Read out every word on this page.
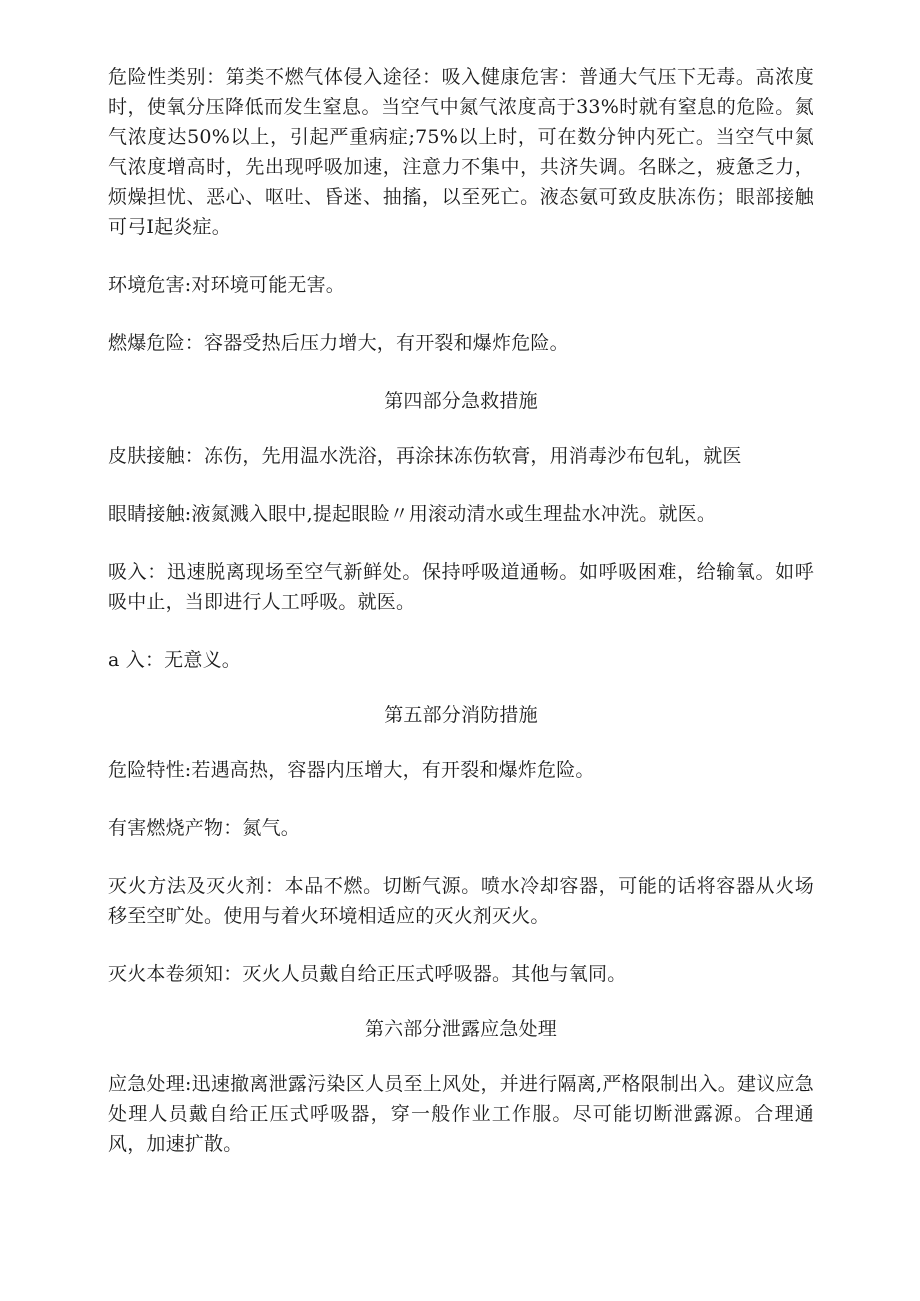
危险性类别：第类不燃气体侵入途径：吸入健康危害：普通大气压下无毒。高浓度时，使氧分压降低而发生窒息。当空气中氮气浓度高于33%时就有窒息的危险。氮气浓度达50%以上，引起严重病症;75%以上时，可在数分钟内死亡。当空气中氮气浓度增高时，先出现呼吸加速，注意力不集中，共济失调。名眯之，疲惫乏力，烦燥担忧、恶心、呕吐、昏迷、抽搐，以至死亡。液态氨可致皮肤冻伤；眼部接触可弓I起炎症。

环境危害:对环境可能无害。

燃爆危险：容器受热后压力增大，有开裂和爆炸危险。

第四部分急救措施

皮肤接触：冻伤，先用温水洗浴，再涂抹冻伤软膏，用消毒沙布包轧，就医

眼睛接触:液氮溅入眼中,提起眼睑〃用滚动清水或生理盐水冲洗。就医。

吸入：迅速脱离现场至空气新鲜处。保持呼吸道通畅。如呼吸困难，给输氧。如呼吸中止，当即进行人工呼吸。就医。

a 入：无意义。

第五部分消防措施

危险特性:若遇高热，容器内压增大，有开裂和爆炸危险。

有害燃烧产物：氮气。

灭火方法及灭火剂：本品不燃。切断气源。喷水冷却容器，可能的话将容器从火场移至空旷处。使用与着火环境相适应的灭火剂灭火。

灭火本卷须知：灭火人员戴自给正压式呼吸器。其他与氧同。

第六部分泄露应急处理

应急处理:迅速撤离泄露污染区人员至上风处，并进行隔离,严格限制出入。建议应急处理人员戴自给正压式呼吸器，穿一般作业工作服。尽可能切断泄露源。合理通风，加速扩散。
